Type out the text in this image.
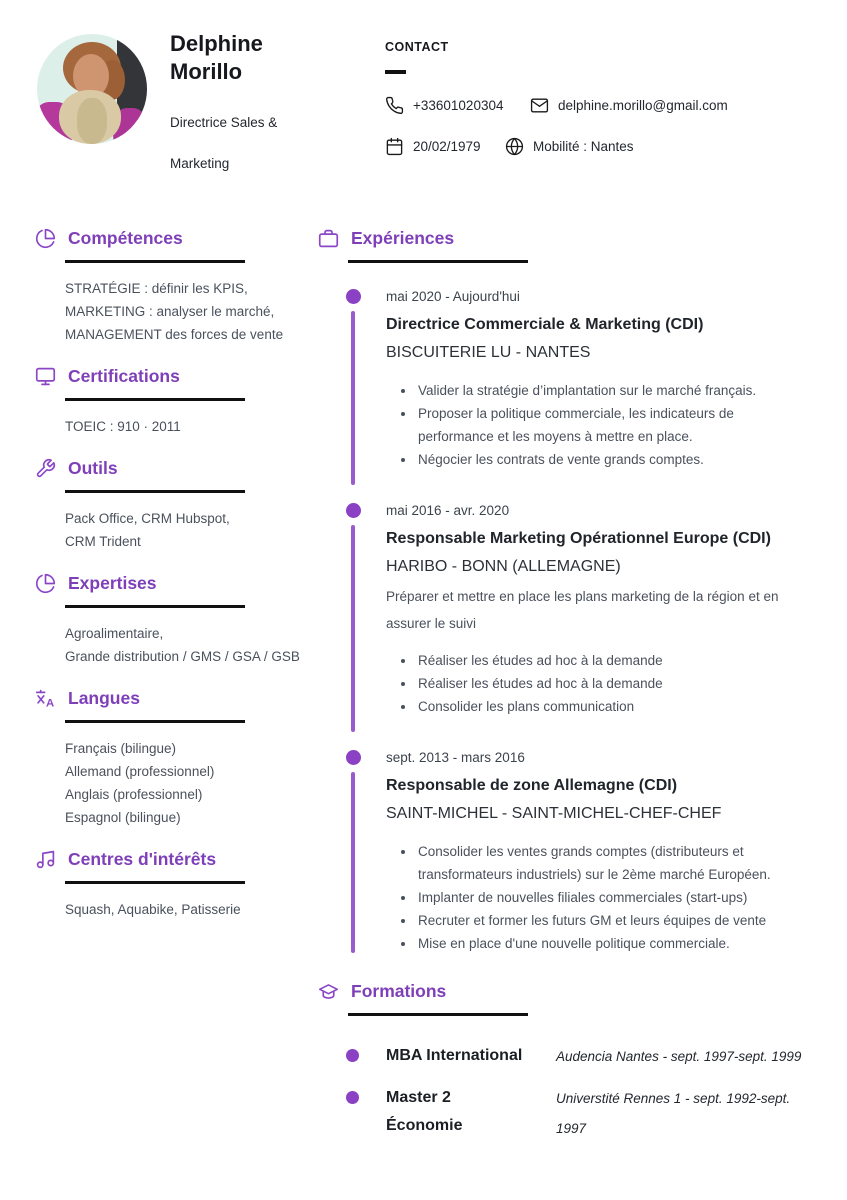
Delphine Morillo
Directrice Sales & Marketing
CONTACT
+33601020304	delphine.morillo@gmail.com
20/02/1979	Mobilité : Nantes
Compétences
STRATÉGIE : définir les KPIS,
MARKETING : analyser le marché,
MANAGEMENT des forces de vente
Certifications
TOEIC : 910 · 2011
Outils
Pack Office, CRM Hubspot,
CRM Trident
Expertises
Agroalimentaire,
Grande distribution / GMS / GSA / GSB
A Langues
Français (bilingue)
Allemand (professionnel)
Anglais (professionnel)
Espagnol (bilingue)
Centres d'intérêts
Squash, Aquabike, Patisserie
Expériences
mai 2020 - Aujourd'hui
Directrice Commerciale & Marketing (CDI)
BISCUITERIE LU - NANTES
Valider la stratégie d’implantation sur le marché français.
Proposer la politique commerciale, les indicateurs de performance et les moyens à mettre en place.
Négocier les contrats de vente grands comptes.
mai 2016 - avr. 2020
Responsable Marketing Opérationnel Europe (CDI)
HARIBO - BONN (ALLEMAGNE)
Préparer et mettre en place les plans marketing de la région et en assurer le suivi
Réaliser les études ad hoc à la demande
Réaliser les études ad hoc à la demande
Consolider les plans communication
sept. 2013 - mars 2016
Responsable de zone Allemagne (CDI)
SAINT-MICHEL - SAINT-MICHEL-CHEF-CHEF
Consolider les ventes grands comptes (distributeurs et transformateurs industriels) sur le 2ème marché Européen.
Implanter de nouvelles filiales commerciales (start-ups)
Recruter et former les futurs GM et leurs équipes de vente
Mise en place d'une nouvelle politique commerciale.
Formations
MBA International	Audencia Nantes - sept. 1997-sept. 1999
Master 2
Économie
Universtité Rennes 1 - sept. 1992-sept. 1997
